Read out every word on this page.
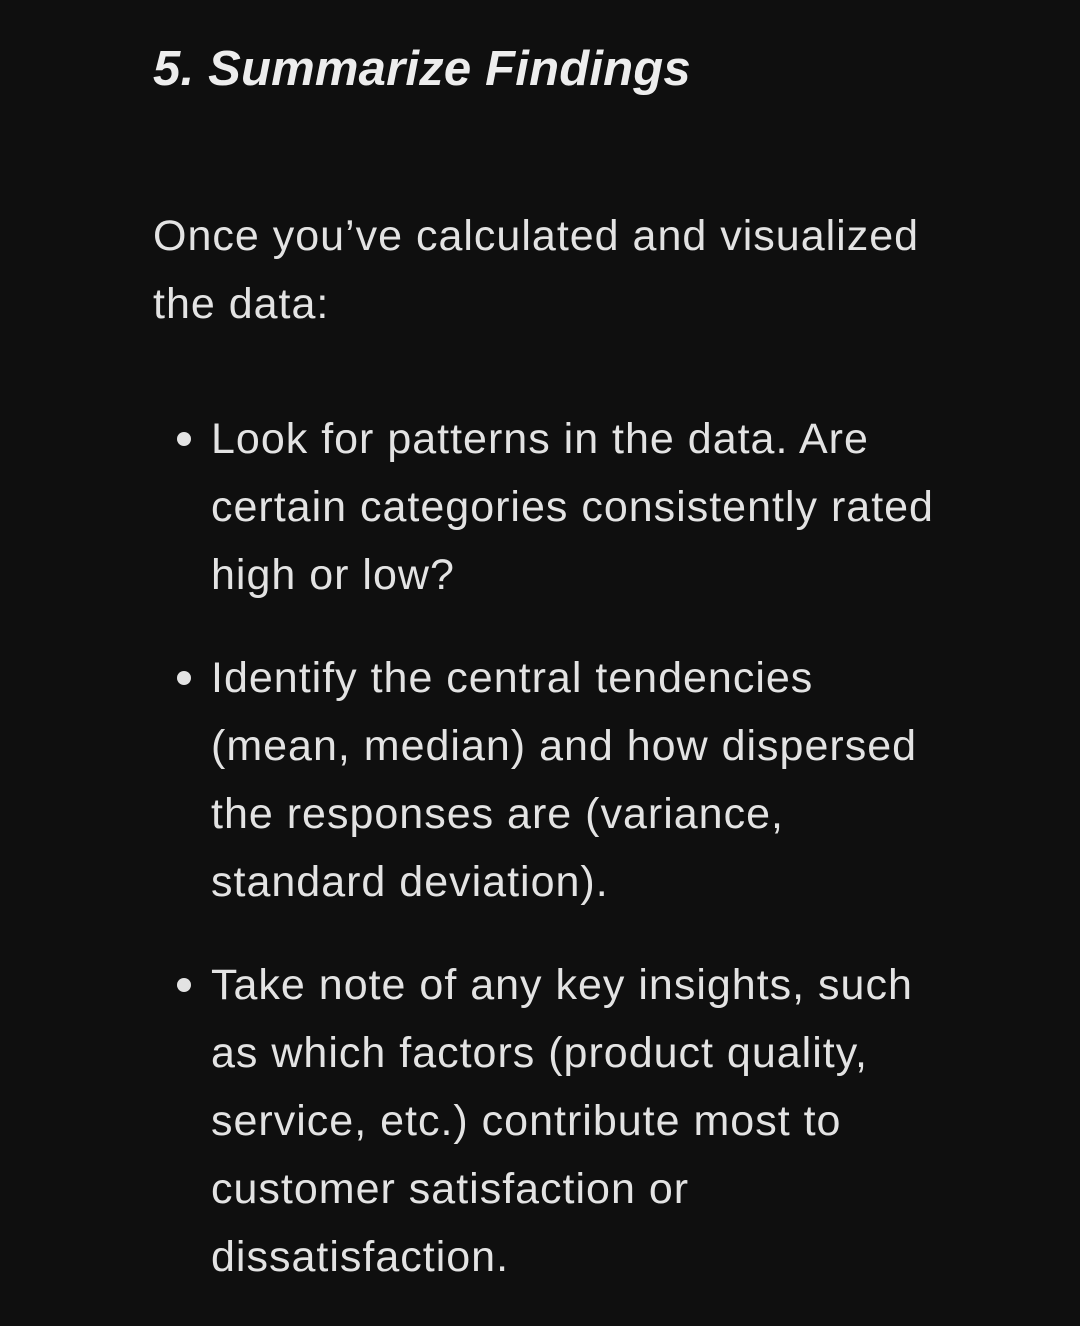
5. Summarize Findings

Once you’ve calculated and visualized
the data:

Look for patterns in the data. Are
certain categories consistently rated
high or low?
Identify the central tendencies
(mean, median) and how dispersed
the responses are (variance,
standard deviation).
Take note of any key insights, such
as which factors (product quality,
service, etc.) contribute most to
customer satisfaction or
dissatisfaction.
